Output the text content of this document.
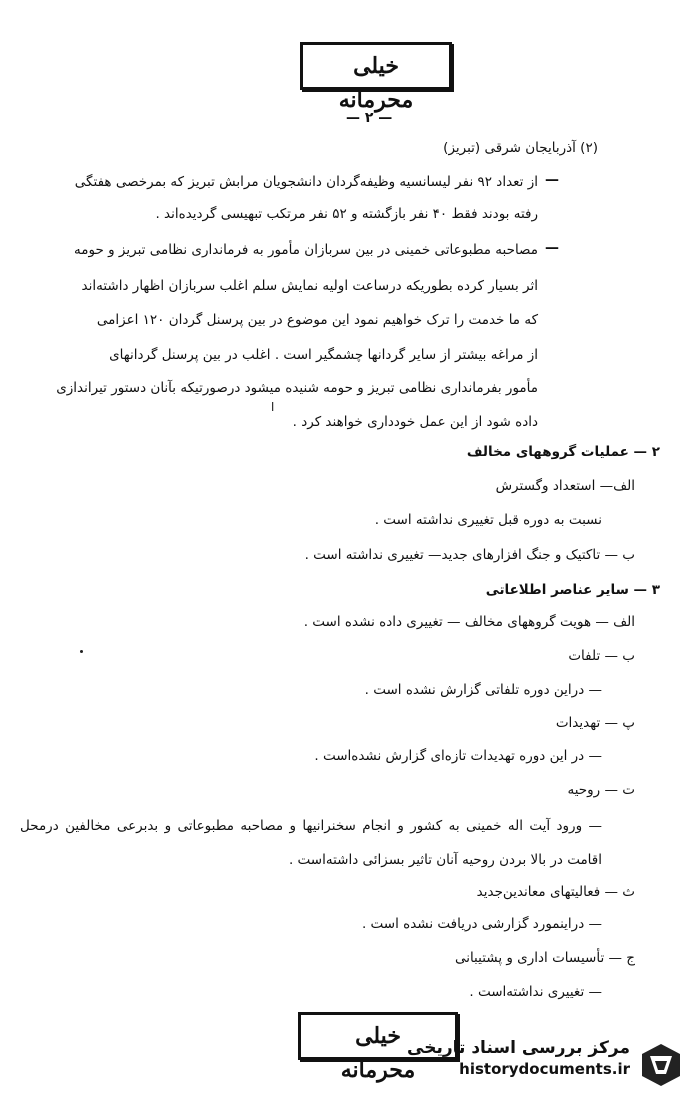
خیلی محرمانه
— ۲ —
(۲) آذربایجان شرقی (تبریز)
—
از تعداد ۹۲ نفر لیسانسیه وظیفه‌گردان دانشجویان مرابش تبریز که بمرخصی هفتگی
رفته بودند فقط ۴۰ نفر بازگشته و ۵۲ نفر مرتکب تبهیسی گردیده‌اند .
—
مصاحبه مطبوعاتی خمینی در بین سربازان مأمور به فرمانداری نظامی تبریز و حومه
اثر بسیار کرده بطوریکه درساعت اولیه نمایش سلم اغلب سربازان اظهار داشته‌اند
که ما خدمت را ترک خواهیم نمود این موضوع در بین پرسنل گردان ۱۲۰ اعزامی
از مراغه بیشتر از سایر گردانها چشمگیر است . اغلب در بین پرسنل گردانهای
مأمور بفرمانداری نظامی تبریز و حومه شنیده میشود درصورتیکه بآنان دستور تیراندازی
داده شود از این عمل خودداری خواهند کرد .
ا
۲ — عملیات گروههای مخالف
الف— استعداد وگسترش
نسبت به دوره قبل تغییری نداشته است .
ب — تاکتیک و جنگ افزارهای جدید— تغییری نداشته است .
۳ — سایر عناصر اطلاعاتی
الف — هویت گروههای مخالف — تغییری داده نشده است .
ب — تلفات
— دراین دوره تلفاتی گزارش نشده است .
پ — تهدیدات
— در این دوره تهدیدات تازه‌ای گزارش نشده‌است .
ت — روحیه
— ورود آیت اله خمینی به کشور و انجام سخنرانیها و مصاحبه مطبوعاتی و بدبرعی مخالفین درمحل
اقامت در بالا بردن روحیه آنان تاثیر بسزائی داشته‌است .
ث — فعالیتهای معاندین‌جدید
— دراینمورد گزارشی دریافت نشده است .
ج — تأسیسات اداری و پشتیبانی
— تغییری نداشته‌است .
خیلی محرمانه
مرکز بررسی اسناد تاریخی
historydocuments.ir
